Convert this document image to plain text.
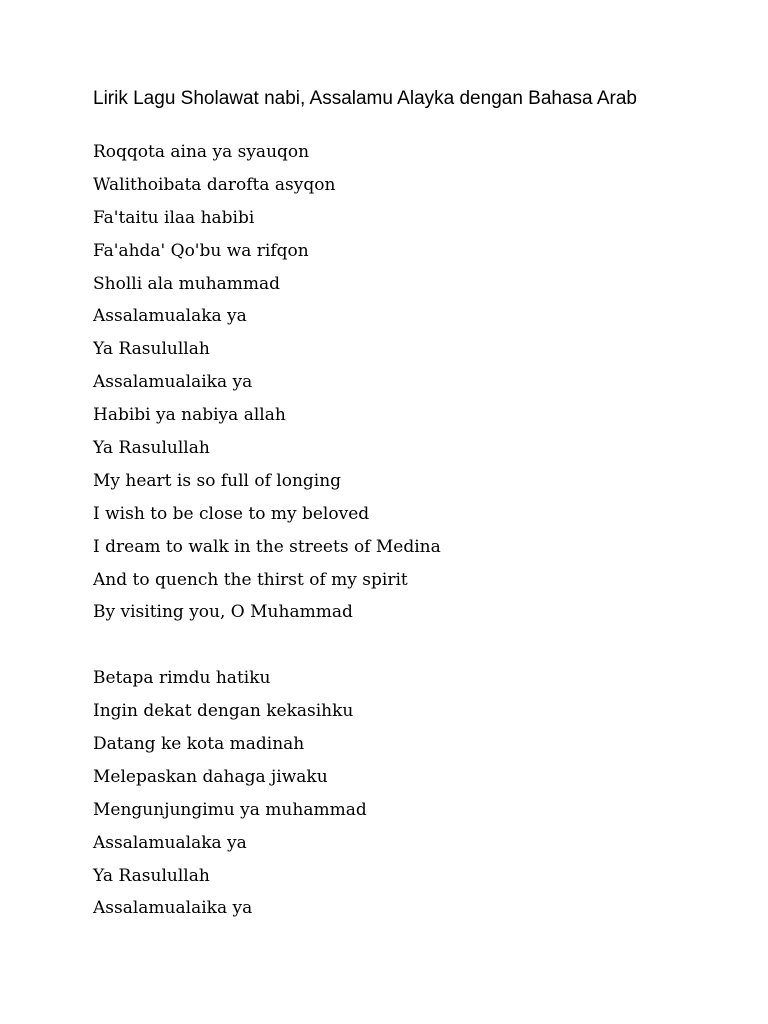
Lirik Lagu Sholawat nabi, Assalamu Alayka dengan Bahasa Arab
Roqqota aina ya syauqon
Walithoibata darofta asyqon
Fa'taitu ilaa habibi
Fa'ahda' Qo'bu wa rifqon
Sholli ala muhammad
Assalamualaka ya
Ya Rasulullah
Assalamualaika ya
Habibi ya nabiya allah
Ya Rasulullah
My heart is so full of longing
I wish to be close to my beloved
I dream to walk in the streets of Medina
And to quench the thirst of my spirit
By visiting you, O Muhammad
Betapa rimdu hatiku
Ingin dekat dengan kekasihku
Datang ke kota madinah
Melepaskan dahaga jiwaku
Mengunjungimu ya muhammad
Assalamualaka ya
Ya Rasulullah
Assalamualaika ya
